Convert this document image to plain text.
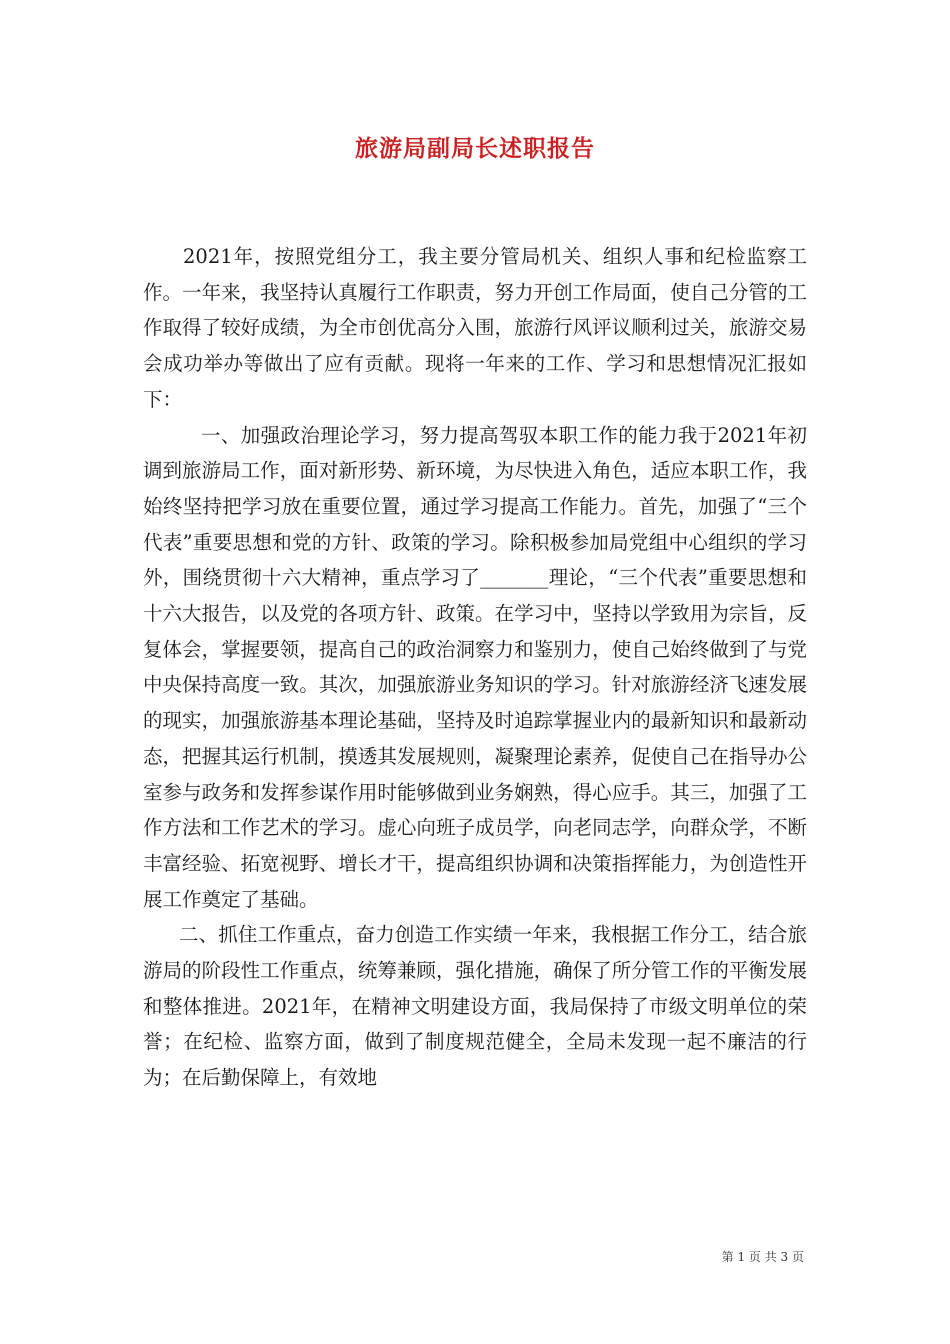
旅游局副局长述职报告

2021年，按照党组分工，我主要分管局机关、组织人事和纪检监察工作。一年来，我坚持认真履行工作职责，努力开创工作局面，使自己分管的工作取得了较好成绩，为全市创优高分入围，旅游行风评议顺利过关，旅游交易会成功举办等做出了应有贡献。现将一年来的工作、学习和思想情况汇报如下：

一、加强政治理论学习，努力提高驾驭本职工作的能力我于2021年初调到旅游局工作，面对新形势、新环境，为尽快进入角色，适应本职工作，我始终坚持把学习放在重要位置，通过学习提高工作能力。首先，加强了“三个代表”重要思想和党的方针、政策的学习。除积极参加局党组中心组织的学习外，围绕贯彻十六大精神，重点学习了_______理论，“三个代表”重要思想和十六大报告，以及党的各项方针、政策。在学习中，坚持以学致用为宗旨，反复体会，掌握要领，提高自己的政治洞察力和鉴别力，使自己始终做到了与党中央保持高度一致。其次，加强旅游业务知识的学习。针对旅游经济飞速发展的现实，加强旅游基本理论基础，坚持及时追踪掌握业内的最新知识和最新动态，把握其运行机制，摸透其发展规则，凝聚理论素养，促使自己在指导办公室参与政务和发挥参谋作用时能够做到业务娴熟，得心应手。其三，加强了工作方法和工作艺术的学习。虚心向班子成员学，向老同志学，向群众学，不断丰富经验、拓宽视野、增长才干，提高组织协调和决策指挥能力，为创造性开展工作奠定了基础。

二、抓住工作重点，奋力创造工作实绩一年来，我根据工作分工，结合旅游局的阶段性工作重点，统筹兼顾，强化措施，确保了所分管工作的平衡发展和整体推进。2021年，在精神文明建设方面，我局保持了市级文明单位的荣誉；在纪检、监察方面，做到了制度规范健全，全局未发现一起不廉洁的行为；在后勤保障上，有效地

第 1 页 共 3 页
